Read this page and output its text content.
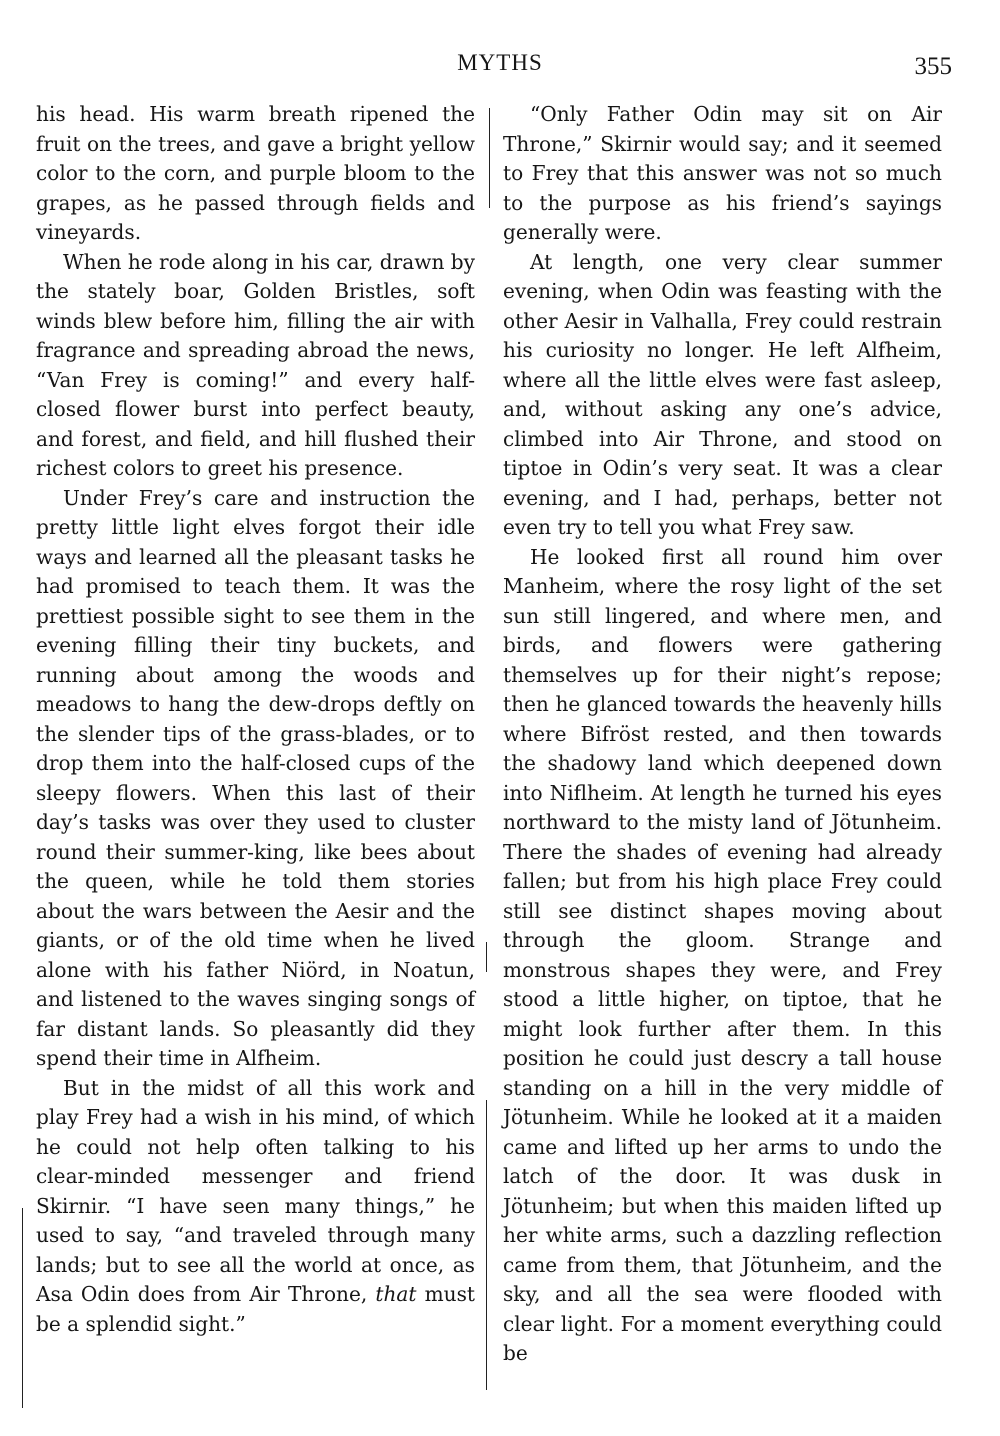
MYTHS	355

his head. His warm breath ripened the fruit on the trees, and gave a bright yellow color to the corn, and purple bloom to the grapes, as he passed through fields and vineyards.

When he rode along in his car, drawn by the stately boar, Golden Bristles, soft winds blew before him, filling the air with fragrance and spreading abroad the news, “Van Frey is coming!” and every half-closed flower burst into perfect beauty, and forest, and field, and hill flushed their richest colors to greet his presence.

Under Frey’s care and instruction the pretty little light elves forgot their idle ways and learned all the pleasant tasks he had promised to teach them. It was the prettiest possible sight to see them in the evening filling their tiny buckets, and running about among the woods and meadows to hang the dew-drops deftly on the slender tips of the grass-blades, or to drop them into the half-closed cups of the sleepy flowers. When this last of their day’s tasks was over they used to cluster round their summer-king, like bees about the queen, while he told them stories about the wars between the Aesir and the giants, or of the old time when he lived alone with his father Niörd, in Noatun, and listened to the waves singing songs of far distant lands. So pleasantly did they spend their time in Alfheim.

But in the midst of all this work and play Frey had a wish in his mind, of which he could not help often talking to his clear-minded messenger and friend Skirnir. “I have seen many things,” he used to say, “and traveled through many lands; but to see all the world at once, as Asa Odin does from Air Throne, that must be a splendid sight.”

“Only Father Odin may sit on Air Throne,” Skirnir would say; and it seemed to Frey that this answer was not so much to the purpose as his friend’s sayings generally were.

At length, one very clear summer evening, when Odin was feasting with the other Aesir in Valhalla, Frey could restrain his curiosity no longer. He left Alfheim, where all the little elves were fast asleep, and, without asking any one’s advice, climbed into Air Throne, and stood on tiptoe in Odin’s very seat. It was a clear evening, and I had, perhaps, better not even try to tell you what Frey saw.

He looked first all round him over Manheim, where the rosy light of the set sun still lingered, and where men, and birds, and flowers were gathering themselves up for their night’s repose; then he glanced towards the heavenly hills where Bifröst rested, and then towards the shadowy land which deepened down into Niflheim. At length he turned his eyes northward to the misty land of Jötunheim. There the shades of evening had already fallen; but from his high place Frey could still see distinct shapes moving about through the gloom. Strange and monstrous shapes they were, and Frey stood a little higher, on tiptoe, that he might look further after them. In this position he could just descry a tall house standing on a hill in the very middle of Jötunheim. While he looked at it a maiden came and lifted up her arms to undo the latch of the door. It was dusk in Jötunheim; but when this maiden lifted up her white arms, such a dazzling reflection came from them, that Jötunheim, and the sky, and all the sea were flooded with clear light. For a moment everything could be
